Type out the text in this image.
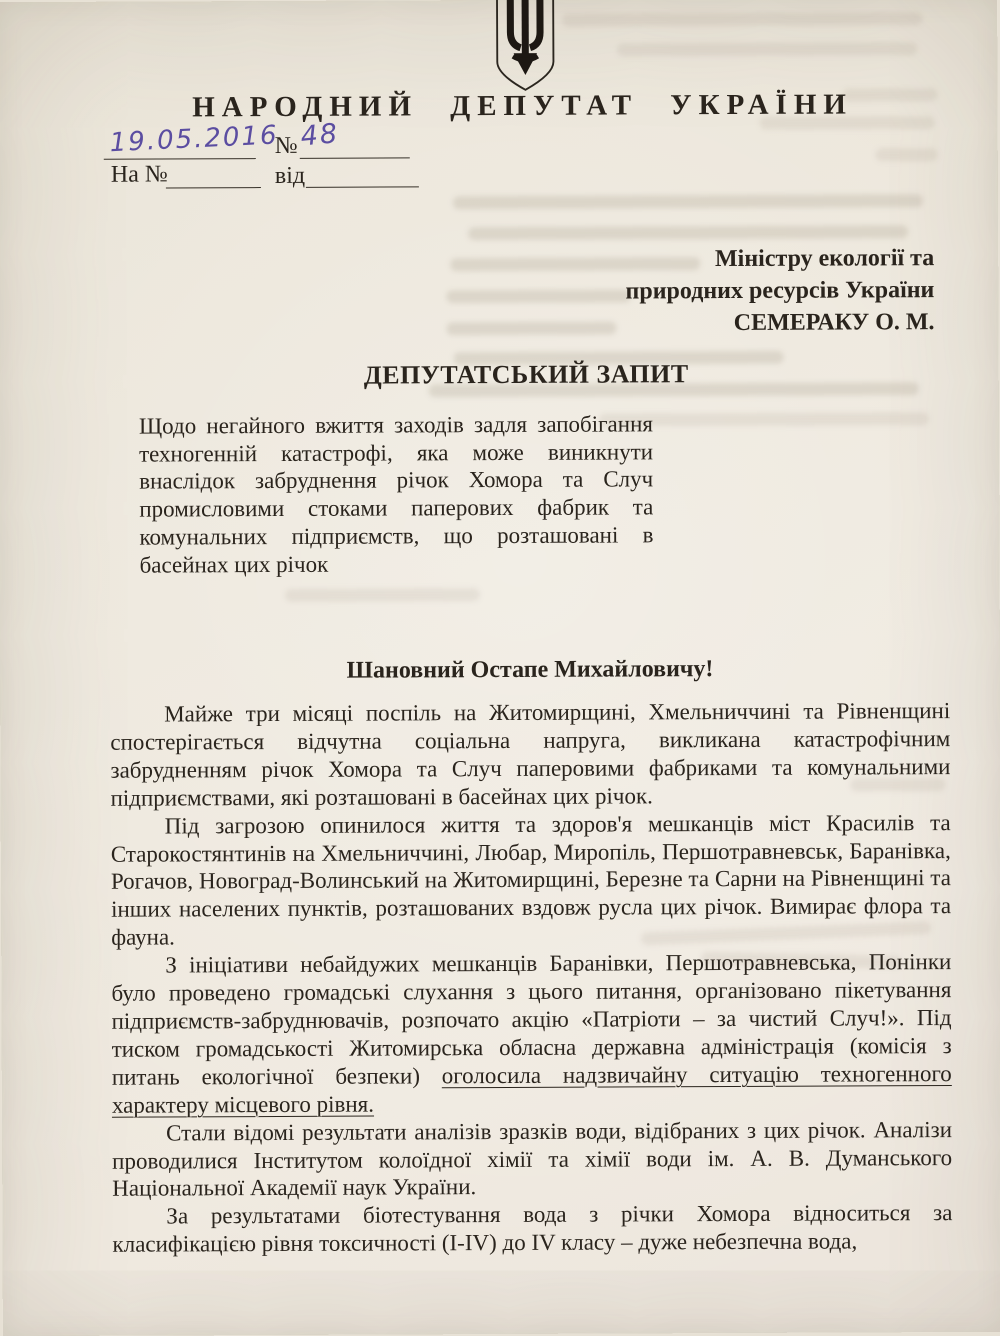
НАРОДНИЙ ДЕПУТАТ УКРАЇНИ
19.05.2016
№ 48
На №	від
Міністру екології та
природних ресурсів України
СЕМЕРАКУ О. М.
ДЕПУТАТСЬКИЙ ЗАПИТ
Щодо негайного вжиття заходів задля запобігання техногенній катастрофі, яка може виникнути внаслідок забруднення річок Хомора та Случ промисловими стоками паперових фабрик та комунальних підприємств, що розташовані в басейнах цих річок
Шановний Остапе Михайловичу!

Майже три місяці поспіль на Житомирщині, Хмельниччині та Рівненщині спостерігається відчутна соціальна напруга, викликана катастрофічним забрудненням річок Хомора та Случ паперовими фабриками та комунальними підприємствами, які розташовані в басейнах цих річок.

Під загрозою опинилося життя та здоров'я мешканців міст Красилів та Старокостянтинів на Хмельниччині, Любар, Миропіль, Першотравневськ, Баранівка, Рогачов, Новоград-Волинський на Житомирщині, Березне та Сарни на Рівненщині та інших населених пунктів, розташованих вздовж русла цих річок. Вимирає флора та фауна.

З ініціативи небайдужих мешканців Баранівки, Першотравневська, Понінки було проведено громадські слухання з цього питання, організовано пікетування підприємств-забруднювачів, розпочато акцію «Патріоти – за чистий Случ!». Під тиском громадськості Житомирська обласна державна адміністрація (комісія з питань екологічної безпеки) оголосила надзвичайну ситуацію техногенного характеру місцевого рівня.

Стали відомі результати аналізів зразків води, відібраних з цих річок. Аналізи проводилися Інститутом колоїдної хімії та хімії води ім. А. В. Думанського Національної Академії наук України.

За результатами біотестування вода з річки Хомора відноситься за класифікацією рівня токсичності (I-IV) до IV класу – дуже небезпечна вода,
